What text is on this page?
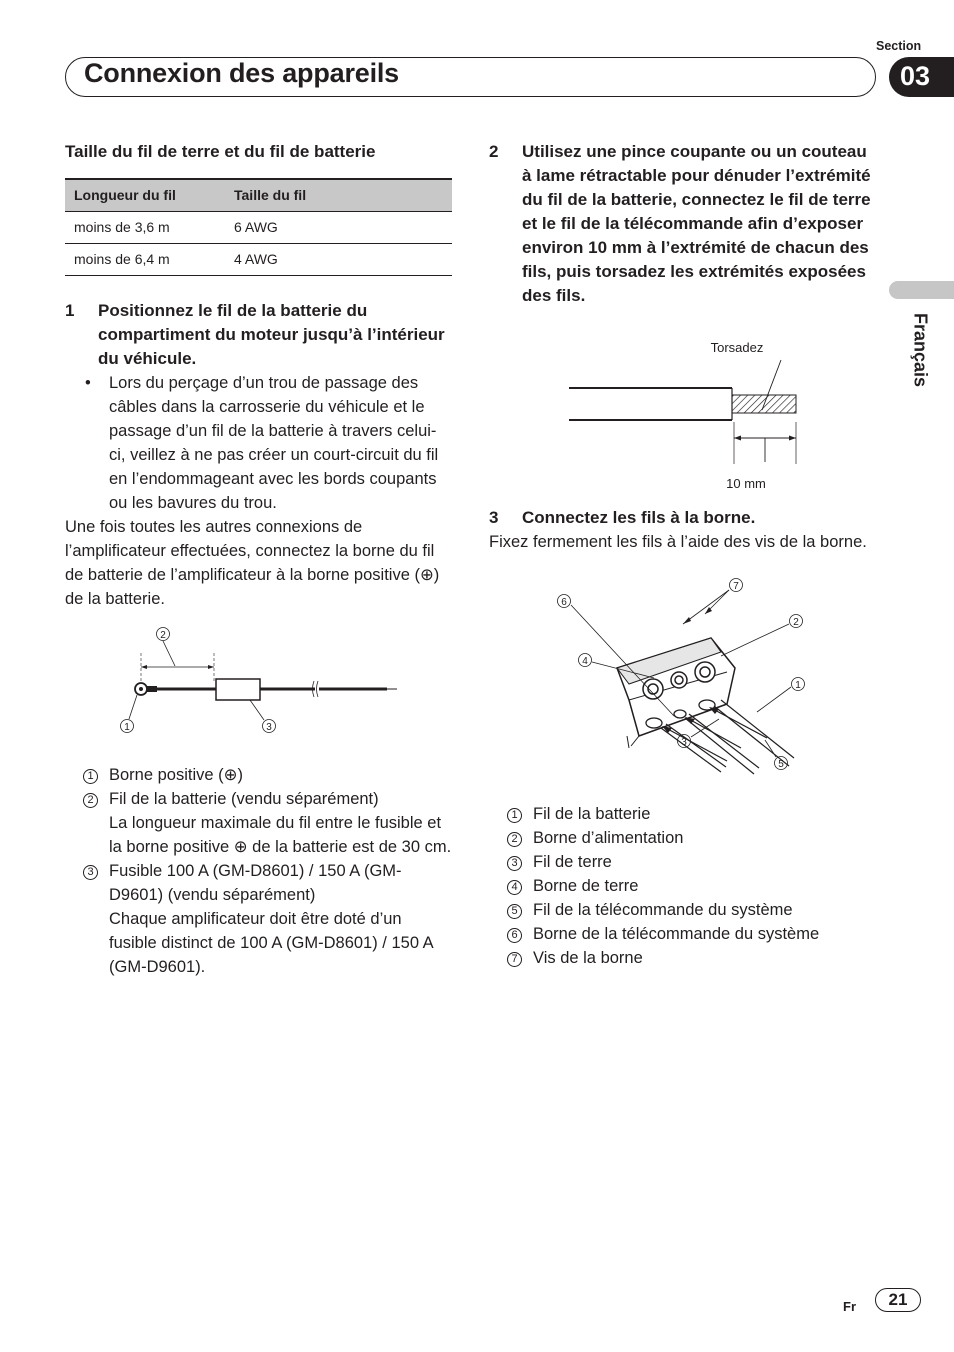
Section
Connexion des appareils	03
Français
Taille du fil de terre et du fil de batterie
Longueur du fil	Taille du fil
moins de 3,6 m	6 AWG
moins de 6,4 m	4 AWG
1	Positionnez le fil de la batterie du compartiment du moteur jusqu’à l’intérieur du véhicule.
•	Lors du perçage d’un trou de passage des câbles dans la carrosserie du véhicule et le passage d’un fil de la batterie à travers celui-ci, veillez à ne pas créer un court-circuit du fil en l’endommageant avec les bords coupants ou les bavures du trou.
Une fois toutes les autres connexions de l’amplificateur effectuées, connectez la borne du fil de batterie de l’amplificateur à la borne positive (⊕) de la batterie.
2
1	3
1 Borne positive (⊕)
2 Fil de la batterie (vendu séparément)
La longueur maximale du fil entre le fusible et la borne positive ⊕ de la batterie est de 30 cm.
3 Fusible 100 A (GM-D8601) / 150 A (GM-D9601) (vendu séparément)
Chaque amplificateur doit être doté d’un fusible distinct de 100 A (GM-D8601) / 150 A (GM-D9601).
2	Utilisez une pince coupante ou un couteau à lame rétractable pour dénuder l’extrémité du fil de la batterie, connectez le fil de terre et le fil de la télécommande afin d’exposer environ 10 mm à l’extrémité de chacun des fils, puis torsadez les extrémités exposées des fils.
Torsadez
10 mm
3	Connectez les fils à la borne.
Fixez fermement les fils à l’aide des vis de la borne.
6
7
2
4
1
3
5
1 Fil de la batterie
2 Borne d’alimentation
3 Fil de terre
4 Borne de terre
5 Fil de la télécommande du système
6 Borne de la télécommande du système
7 Vis de la borne
Fr	21
